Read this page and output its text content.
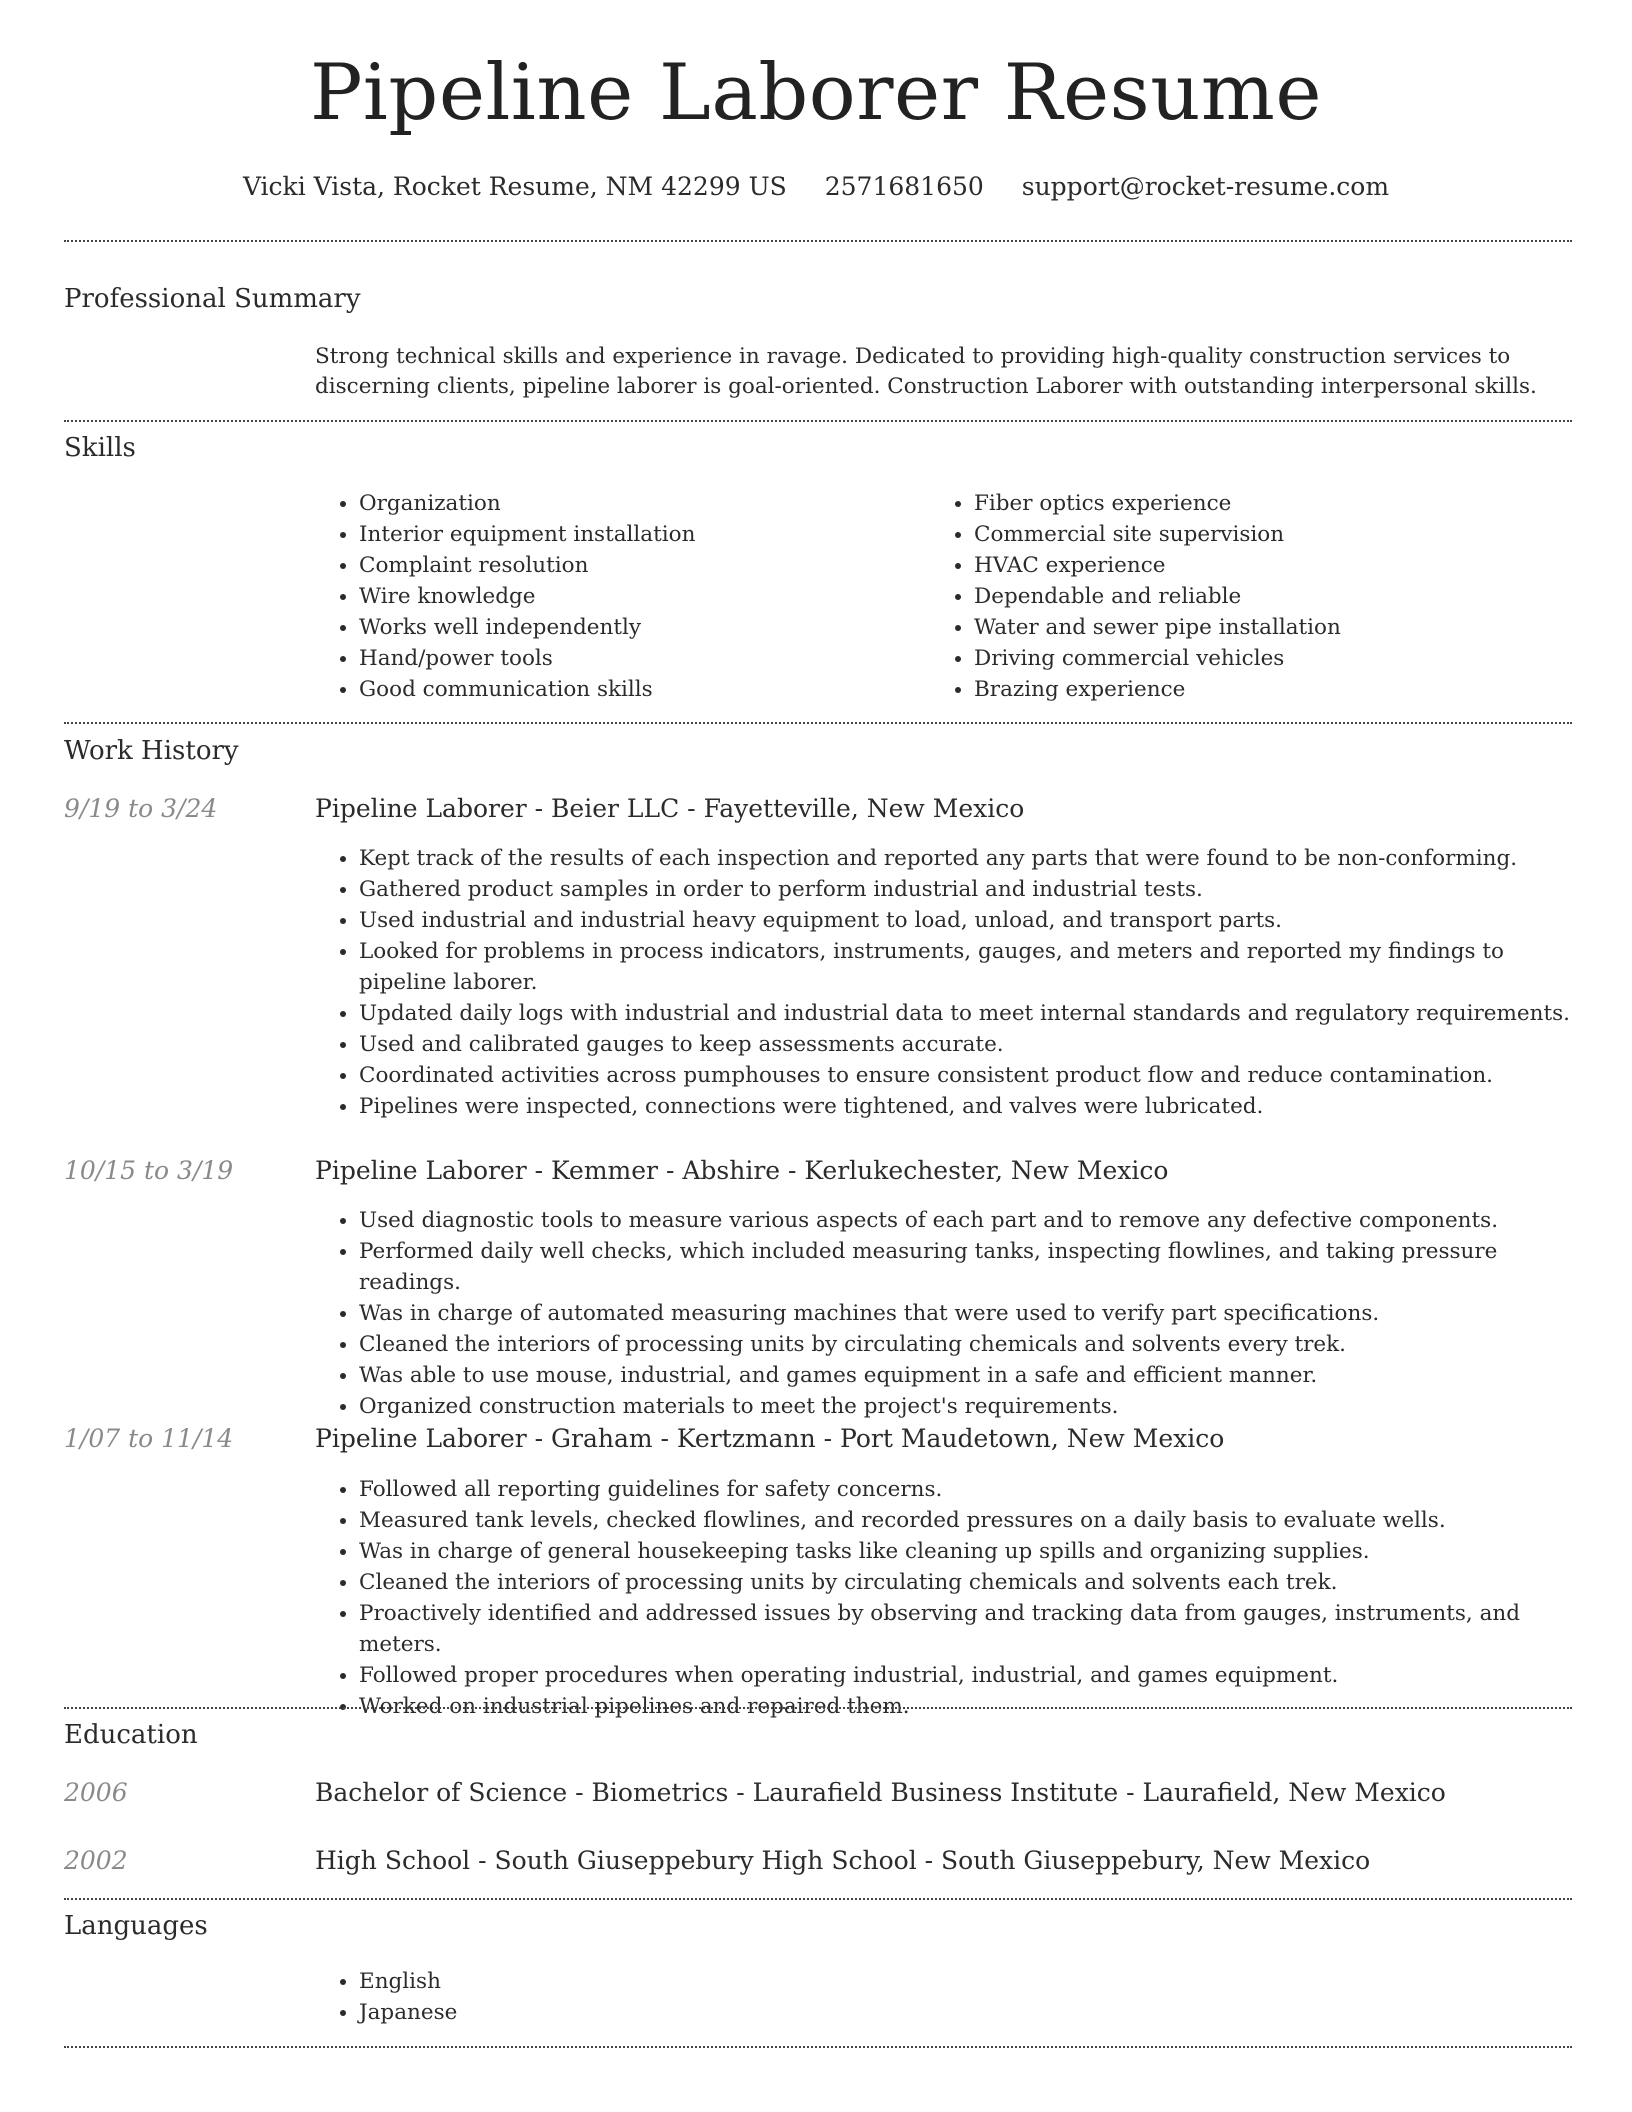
Pipeline Laborer Resume
Vicki Vista, Rocket Resume, NM 42299 US 2571681650 support@rocket-resume.com
Professional Summary
Strong technical skills and experience in ravage. Dedicated to providing high-quality construction services to discerning clients, pipeline laborer is goal-oriented. Construction Laborer with outstanding interpersonal skills.
Skills
• Organization
• Interior equipment installation
• Complaint resolution
• Wire knowledge
• Works well independently
• Hand/power tools
• Good communication skills
• Fiber optics experience
• Commercial site supervision
• HVAC experience
• Dependable and reliable
• Water and sewer pipe installation
• Driving commercial vehicles
• Brazing experience
Work History
9/19 to 3/24	Pipeline Laborer - Beier LLC - Fayetteville, New Mexico
• Kept track of the results of each inspection and reported any parts that were found to be non-conforming.
• Gathered product samples in order to perform industrial and industrial tests.
• Used industrial and industrial heavy equipment to load, unload, and transport parts.
• Looked for problems in process indicators, instruments, gauges, and meters and reported my findings to pipeline laborer.
• Updated daily logs with industrial and industrial data to meet internal standards and regulatory requirements.
• Used and calibrated gauges to keep assessments accurate.
• Coordinated activities across pumphouses to ensure consistent product flow and reduce contamination.
• Pipelines were inspected, connections were tightened, and valves were lubricated.
10/15 to 3/19	Pipeline Laborer - Kemmer - Abshire - Kerlukechester, New Mexico
• Used diagnostic tools to measure various aspects of each part and to remove any defective components.
• Performed daily well checks, which included measuring tanks, inspecting flowlines, and taking pressure readings.
• Was in charge of automated measuring machines that were used to verify part specifications.
• Cleaned the interiors of processing units by circulating chemicals and solvents every trek.
• Was able to use mouse, industrial, and games equipment in a safe and efficient manner.
• Organized construction materials to meet the project's requirements.
1/07 to 11/14	Pipeline Laborer - Graham - Kertzmann - Port Maudetown, New Mexico
• Followed all reporting guidelines for safety concerns.
• Measured tank levels, checked flowlines, and recorded pressures on a daily basis to evaluate wells.
• Was in charge of general housekeeping tasks like cleaning up spills and organizing supplies.
• Cleaned the interiors of processing units by circulating chemicals and solvents each trek.
• Proactively identified and addressed issues by observing and tracking data from gauges, instruments, and meters.
• Followed proper procedures when operating industrial, industrial, and games equipment.
• Worked on industrial pipelines and repaired them.
Education
2006	Bachelor of Science - Biometrics - Laurafield Business Institute - Laurafield, New Mexico
2002	High School - South Giuseppebury High School - South Giuseppebury, New Mexico
Languages
• English
• Japanese
